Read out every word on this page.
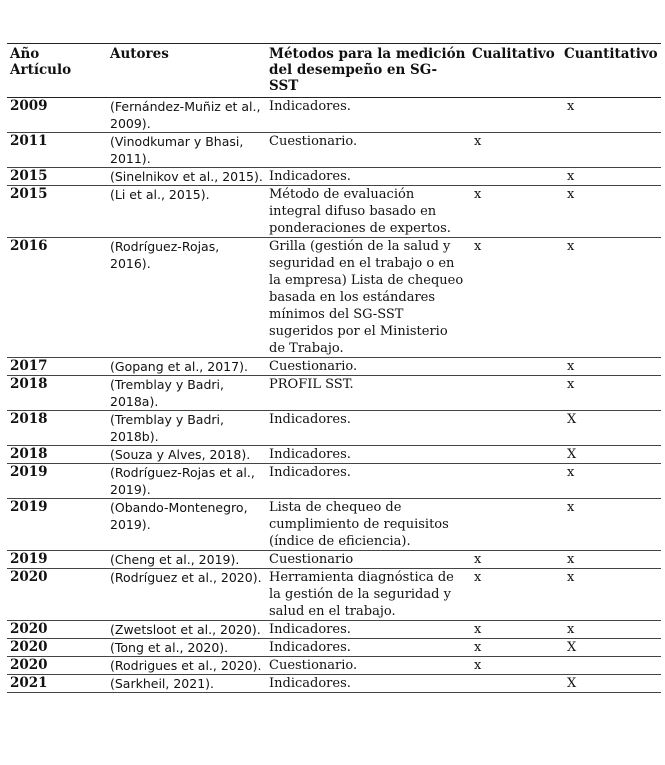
Año Artículo	Autores	Métodos para la medición del desempeño en SG-SST	Cualitativo	Cuantitativo
2009	(Fernández-Muñiz et al., 2009).	Indicadores.		x
2011	(Vinodkumar y Bhasi, 2011).	Cuestionario.	x	
2015	(Sinelnikov et al., 2015).	Indicadores.		x
2015	(Li et al., 2015).	Método de evaluación integral difuso basado en ponderaciones de expertos.	x	x
2016	(Rodríguez-Rojas, 2016).	Grilla (gestión de la salud y seguridad en el trabajo o en la empresa) Lista de chequeo basada en los estándares mínimos del SG-SST sugeridos por el Ministerio de Trabajo.	x	x
2017	(Gopang et al., 2017).	Cuestionario.		x
2018	(Tremblay y Badri, 2018a).	PROFIL SST.		x
2018	(Tremblay y Badri, 2018b).	Indicadores.		X
2018	(Souza y Alves, 2018).	Indicadores.		X
2019	(Rodríguez-Rojas et al., 2019).	Indicadores.		x
2019	(Obando-Montenegro, 2019).	Lista de chequeo de cumplimiento de requisitos (índice de eficiencia).		x
2019	(Cheng et al., 2019).	Cuestionario	x	x
2020	(Rodríguez et al., 2020).	Herramienta diagnóstica de la gestión de la seguridad y salud en el trabajo.	x	x
2020	(Zwetsloot et al., 2020).	Indicadores.	x	x
2020	(Tong et al., 2020).	Indicadores.	x	X
2020	(Rodrigues et al., 2020).	Cuestionario.	x	
2021	(Sarkheil, 2021).	Indicadores.		X
